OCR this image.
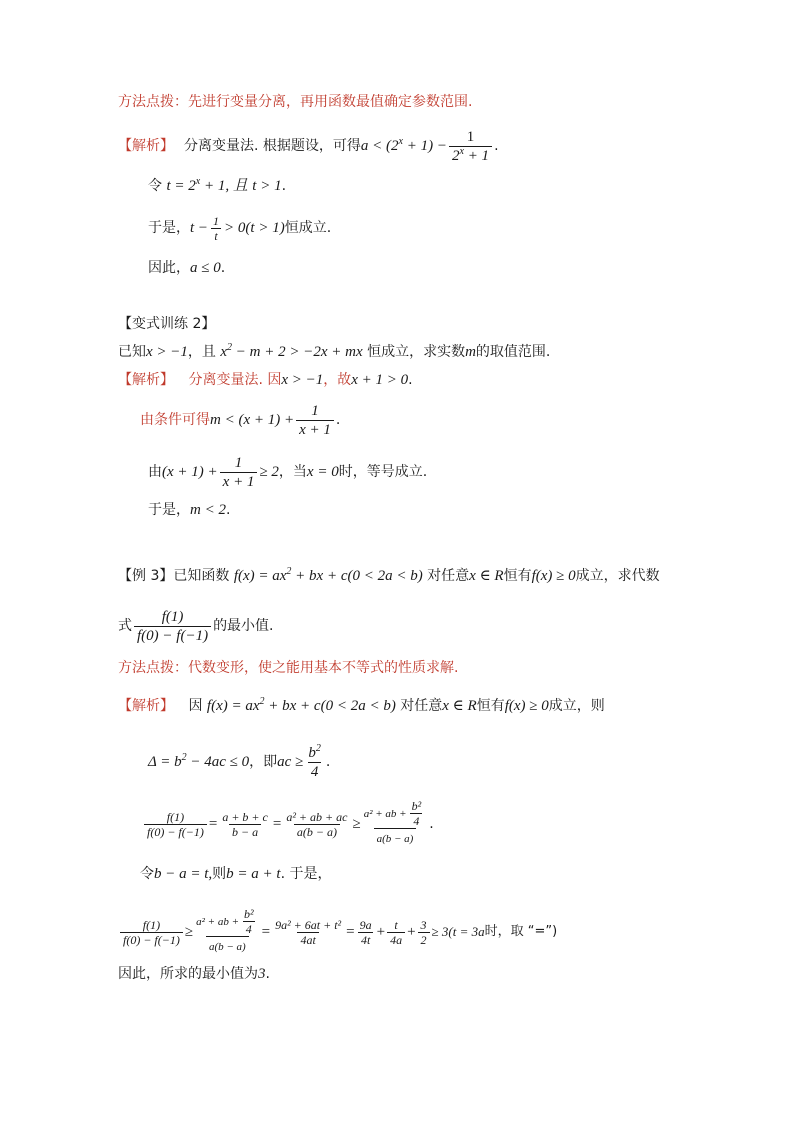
方法点拨：先进行变量分离，再用函数最值确定参数范围.
【解析】 分离变量法. 根据题设，可得 $a < (2^x + 1) - \frac{1}{2^x + 1}$ .
令 $t = 2^x + 1$, 且 t > 1.
于是， $t - \frac{1}{t} > 0(t > 1)$ 恒成立.
因此，a ≤ 0.
【变式训练 2】
已知x > −1，且 $x^2 - m + 2 > -2x$ + mx 恒成立，求实数m的取值范围.
【解析】 分离变量法. 因x > −1，故x + 1 > 0.
由条件可得 $m < (x + 1) + \frac{1}{x + 1}$ .
由 $(x + 1) + \frac{1}{x + 1} \ge 2$ ，当 x = 0 时，等号成立.
于是，m < 2.
【例 3】已知函数 $f(x) = ax^2$ + bx + c(0 < 2a < b) 对任意x ∈ R恒有f(x) ≥ 0成立，求代数
式 $\frac{f(1)}{f(0) - f(-1)}$ 的最小值.
方法点拨：代数变形，使之能用基本不等式的性质求解.
【解析】 因 $f(x) = ax^2$ + bx + c(0 < 2a < b) 对任意x ∈ R恒有f(x) ≥ 0成立，则
$\Delta = b^2 - 4ac \le 0$ ，即 ac ≥ $\frac{b^2}{4}$ .
$\frac{f(1)}{f(0) - f(-1)} = \frac{a + b + c}{b - a} = \frac{\text{a² + ab + ac}}{a(b - a)} \ge \frac{a^2 + ab + \frac{\text{b²}}{4}}{a(b - a)}$ .
令b − a = t,则b = a + t. 于是，
$\frac{f(1)}{f(0) - f(-1)} \ge \frac{a^2 + ab + \frac{\text{b²}}{4}}{a(b - a)} = \frac{\text{9a² + 6at + t²}}{4at} = \frac{9a}{4t} + \frac{t}{4a} + \frac{3}{2} \ge 3(t = 3a$ 时，取 “=”)
因此，所求的最小值为3.
